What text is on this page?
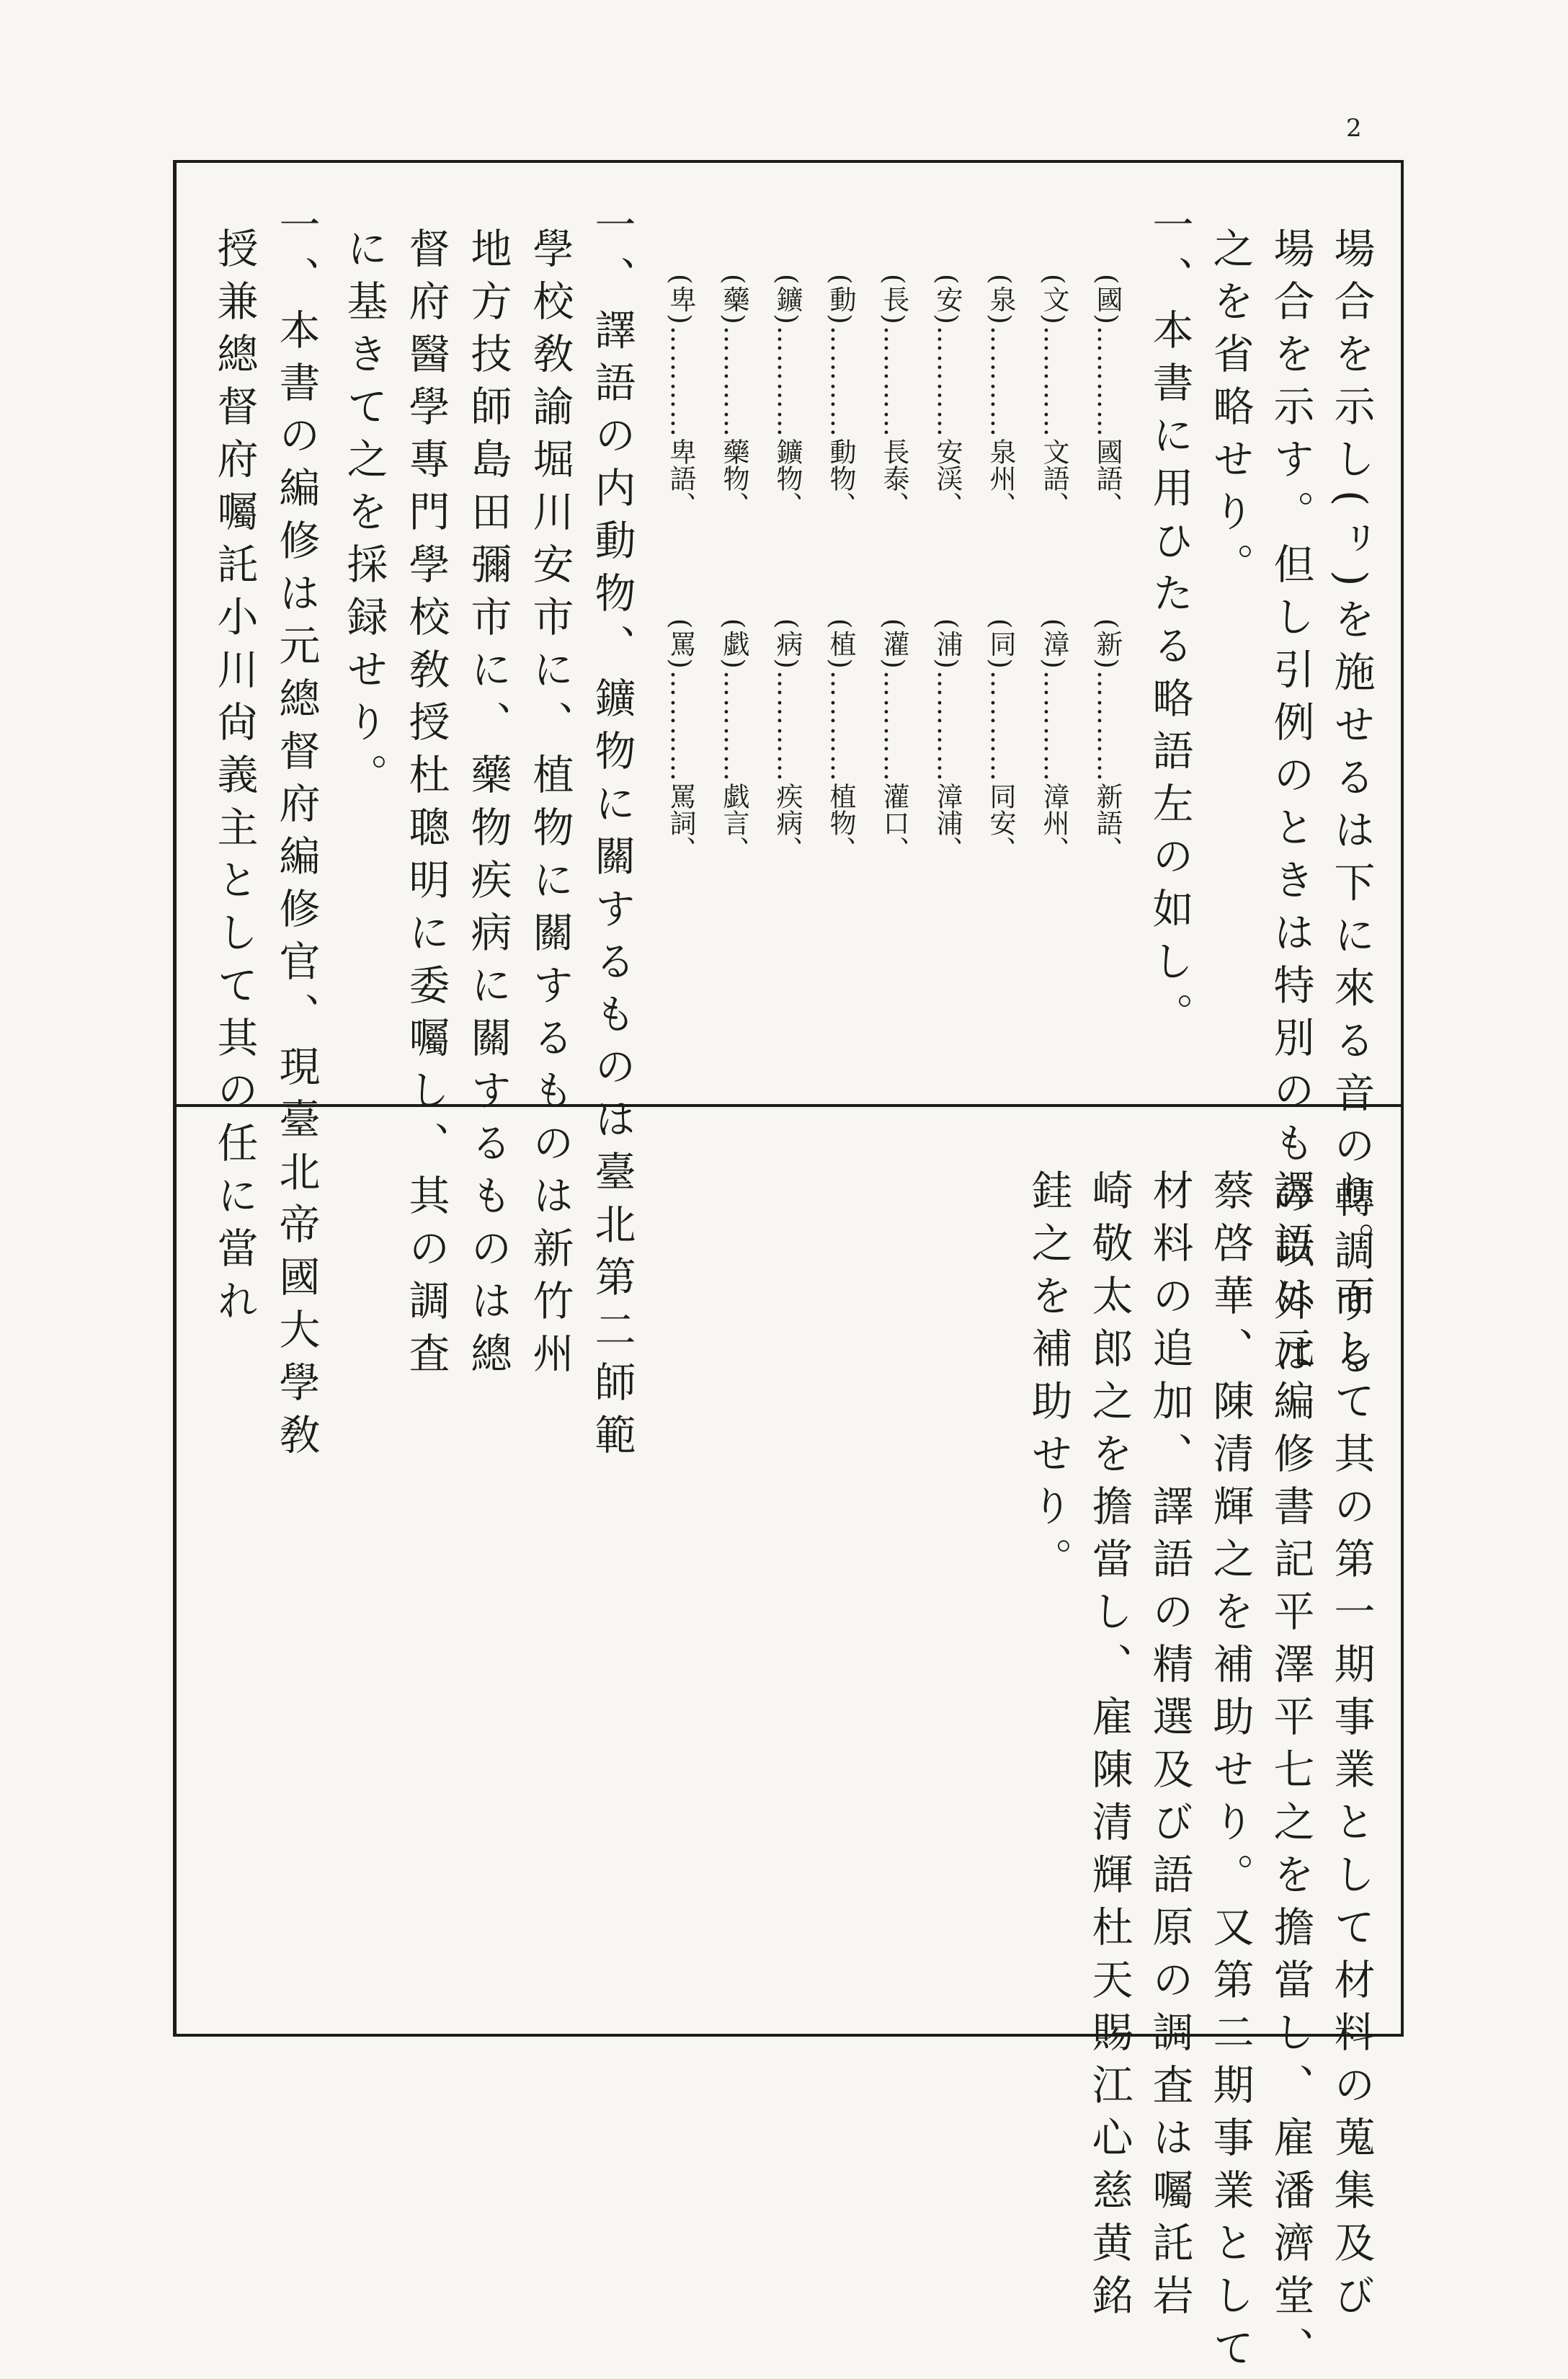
2
場合を示し(ㇼ)を施せるは下に來る音の轉調する
場合を示す。但し引例のときは特別のもの以外は
之を省略せり。
一、本書に用ひたる略語左の如し。
(國)…………國語、
(文)…………文語、
(泉)…………泉州、
(安)…………安渓、
(長)…………長泰、
(動)…………動物、
(鑛)…………鑛物、
(藥)…………藥物、
(卑)…………卑語、
(新)…………新語、
(漳)…………漳州、
(同)…………同安、
(浦)…………漳浦、
(灌)…………灌口、
(植)…………植物、
(病)…………疾病、
(戯)…………戯言、
(罵)…………罵詞、
一、譯語の内動物、鑛物に關するものは臺北第二師範
學校敎諭堀川安市に、植物に關するものは新竹州
地方技師島田彌市に、藥物疾病に關するものは總
督府醫學專門學校敎授杜聰明に委囑し、其の調査
に基きて之を採録せり。
一、本書の編修は元總督府編修官、現臺北帝國大學敎
授兼總督府囑託小川尙義主として其の任に當れ
り。而して其の第一期事業として材料の蒐集及び
譯語は元編修書記平澤平七之を擔當し、雇潘濟堂、
蔡啓華、陳清輝之を補助せり。又第二期事業として
材料の追加、譯語の精選及び語原の調査は囑託岩
崎敬太郎之を擔當し、雇陳清輝杜天賜江心慈黄銘
銈之を補助せり。
